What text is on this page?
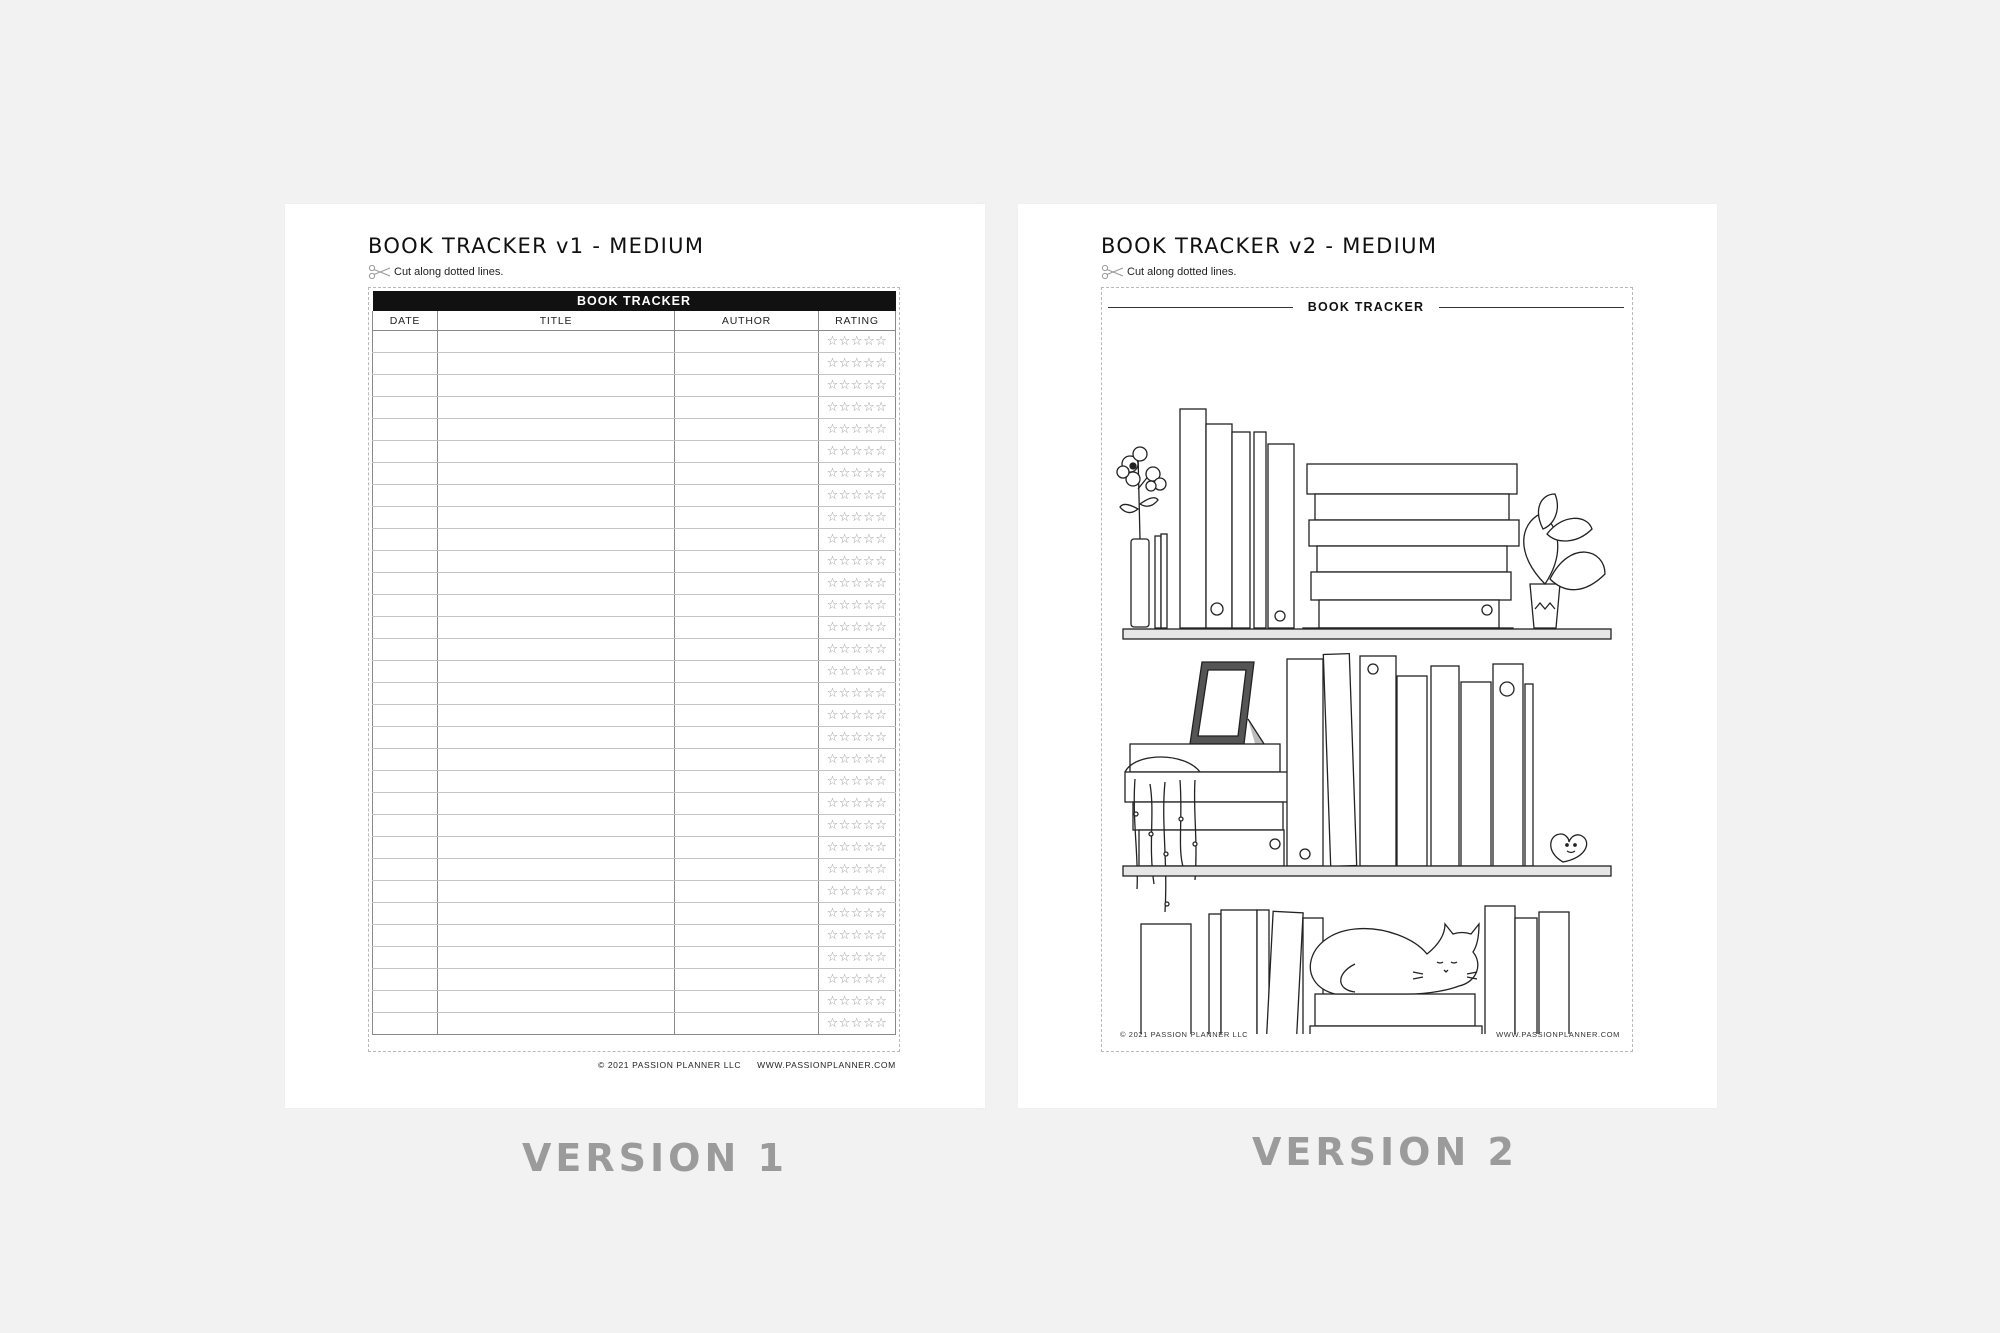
BOOK TRACKER v1 - MEDIUM
Cut along dotted lines.
BOOK TRACKER			
DATE	TITLE	AUTHOR	RATING
			☆☆☆☆☆
			☆☆☆☆☆
			☆☆☆☆☆
			☆☆☆☆☆
			☆☆☆☆☆
			☆☆☆☆☆
			☆☆☆☆☆
			☆☆☆☆☆
			☆☆☆☆☆
			☆☆☆☆☆
			☆☆☆☆☆
			☆☆☆☆☆
			☆☆☆☆☆
			☆☆☆☆☆
			☆☆☆☆☆
			☆☆☆☆☆
			☆☆☆☆☆
			☆☆☆☆☆
			☆☆☆☆☆
			☆☆☆☆☆
			☆☆☆☆☆
			☆☆☆☆☆
			☆☆☆☆☆
			☆☆☆☆☆
			☆☆☆☆☆
			☆☆☆☆☆
			☆☆☆☆☆
			☆☆☆☆☆
			☆☆☆☆☆
			☆☆☆☆☆
			☆☆☆☆☆
			☆☆☆☆☆
© 2021 PASSION PLANNER LLC WWW.PASSIONPLANNER.COM
BOOK TRACKER v2 - MEDIUM
Cut along dotted lines.
BOOK TRACKER
© 2021 PASSION PLANNER LLC	WWW.PASSIONPLANNER.COM
VERSION 1	VERSION 2
